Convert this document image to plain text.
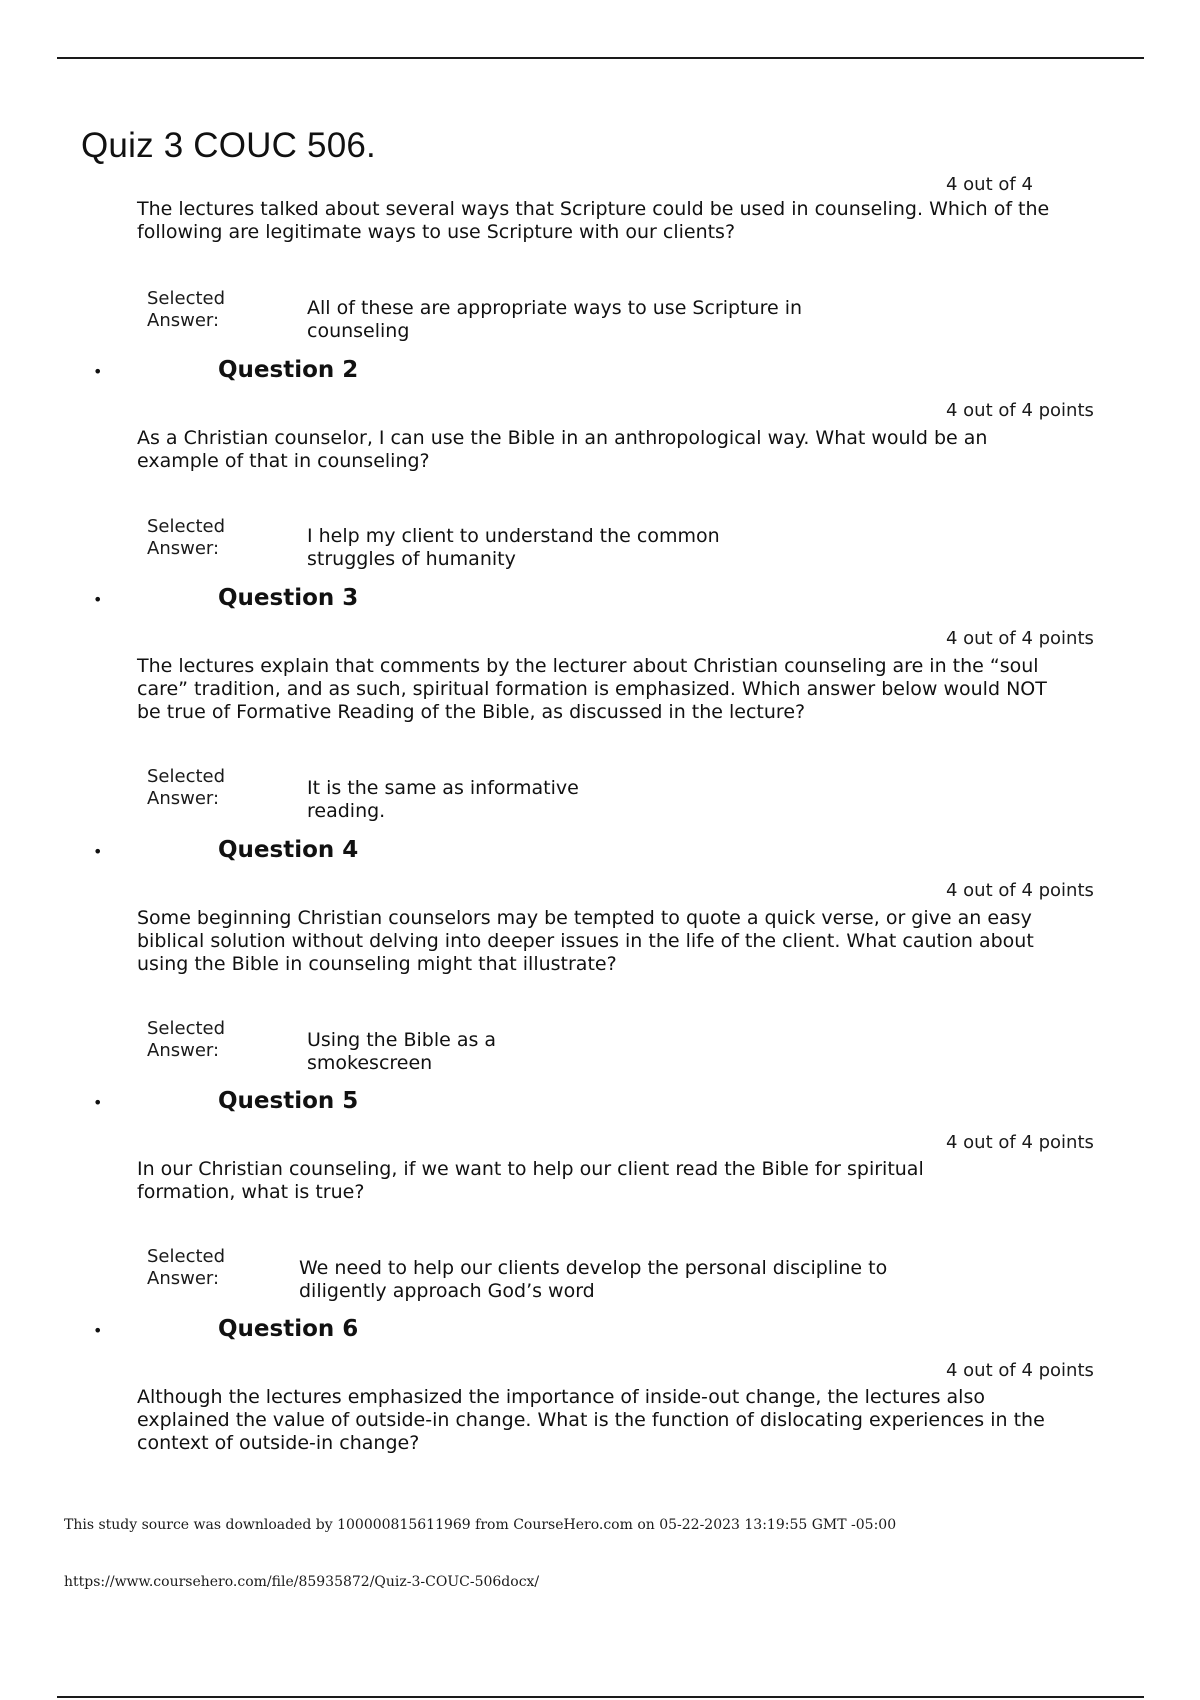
Quiz 3 COUC 506.
4 out of 4
The lectures talked about several ways that Scripture could be used in counseling. Which of the following are legitimate ways to use Scripture with our clients?
Selected Answer:
All of these are appropriate ways to use Scripture in counseling
•	Question 2
4 out of 4 points
As a Christian counselor, I can use the Bible in an anthropological way. What would be an example of that in counseling?
Selected Answer:
I help my client to understand the common struggles of humanity
•	Question 3
4 out of 4 points
The lectures explain that comments by the lecturer about Christian counseling are in the “soul care” tradition, and as such, spiritual formation is emphasized. Which answer below would NOT be true of Formative Reading of the Bible, as discussed in the lecture?
Selected Answer:	It is the same as informative reading.
•	Question 4
4 out of 4 points
Some beginning Christian counselors may be tempted to quote a quick verse, or give an easy biblical solution without delving into deeper issues in the life of the client. What caution about using the Bible in counseling might that illustrate?
Selected Answer:	Using the Bible as a smokescreen
•	Question 5
4 out of 4 points
In our Christian counseling, if we want to help our client read the Bible for spiritual formation, what is true?
Selected Answer:	We need to help our clients develop the personal discipline to diligently approach God’s word
•	Question 6
4 out of 4 points
Although the lectures emphasized the importance of inside-out change, the lectures also explained the value of outside-in change. What is the function of dislocating experiences in the context of outside-in change?
This study source was downloaded by 100000815611969 from CourseHero.com on 05-22-2023 13:19:55 GMT -05:00
https://www.coursehero.com/file/85935872/Quiz-3-COUC-506docx/
